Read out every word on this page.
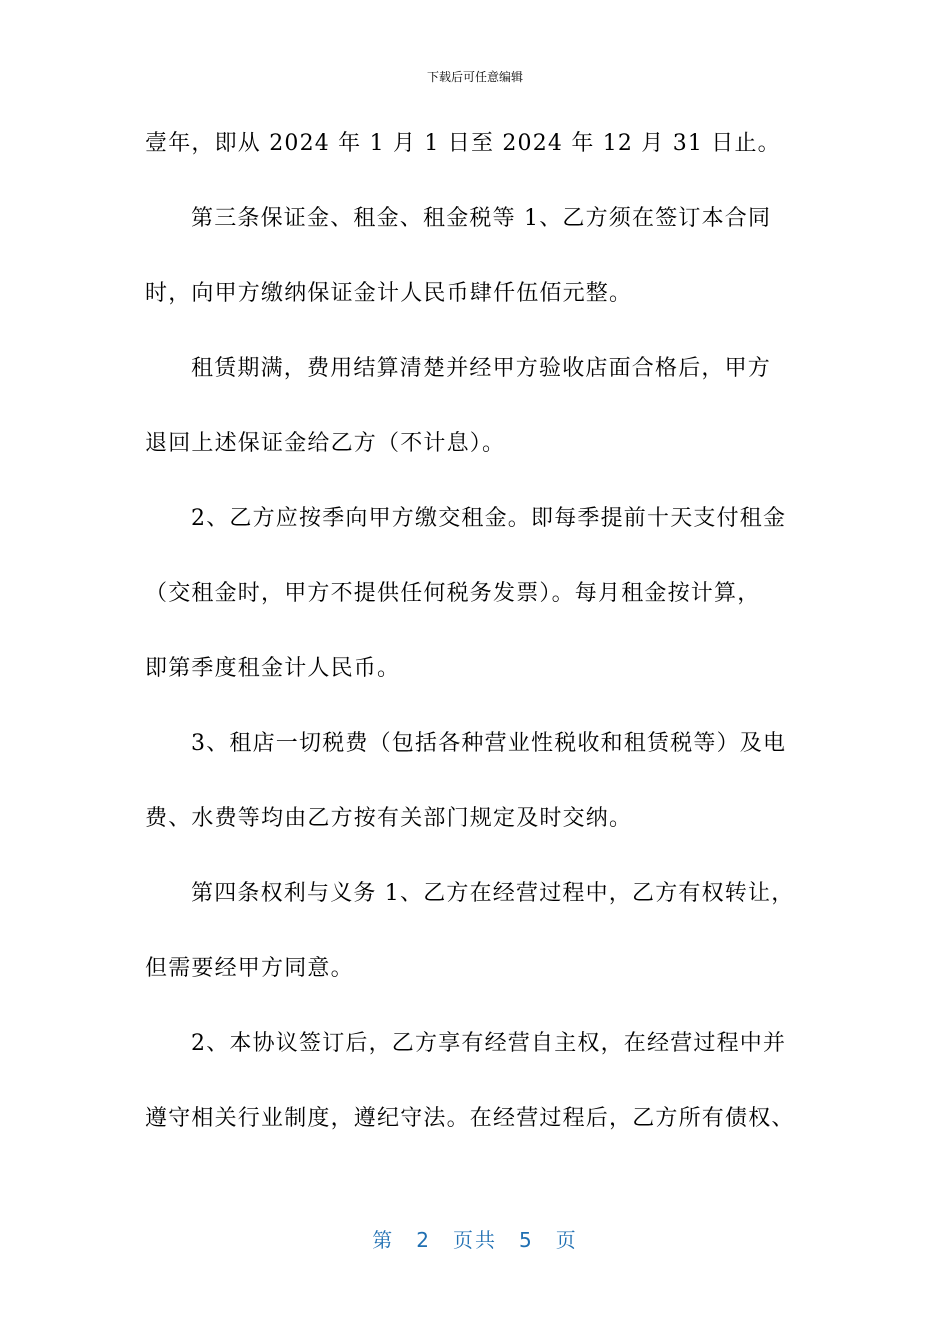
下载后可任意编辑
壹年，即从 2024 年 1 月 1 日至 2024 年 12 月 31 日止。
第三条保证金、租金、租金税等 1、乙方须在签订本合同
时，向甲方缴纳保证金计人民币肆仟伍佰元整。
租赁期满，费用结算清楚并经甲方验收店面合格后，甲方
退回上述保证金给乙方（不计息）。
2、乙方应按季向甲方缴交租金。即每季提前十天支付租金
（交租金时，甲方不提供任何税务发票）。每月租金按计算，
即第季度租金计人民币。
3、租店一切税费（包括各种营业性税收和租赁税等）及电
费、水费等均由乙方按有关部门规定及时交纳。
第四条权利与义务 1、乙方在经营过程中，乙方有权转让，
但需要经甲方同意。
2、本协议签订后，乙方享有经营自主权，在经营过程中并
遵守相关行业制度，遵纪守法。在经营过程后，乙方所有债权、
第 2 页共 5 页
